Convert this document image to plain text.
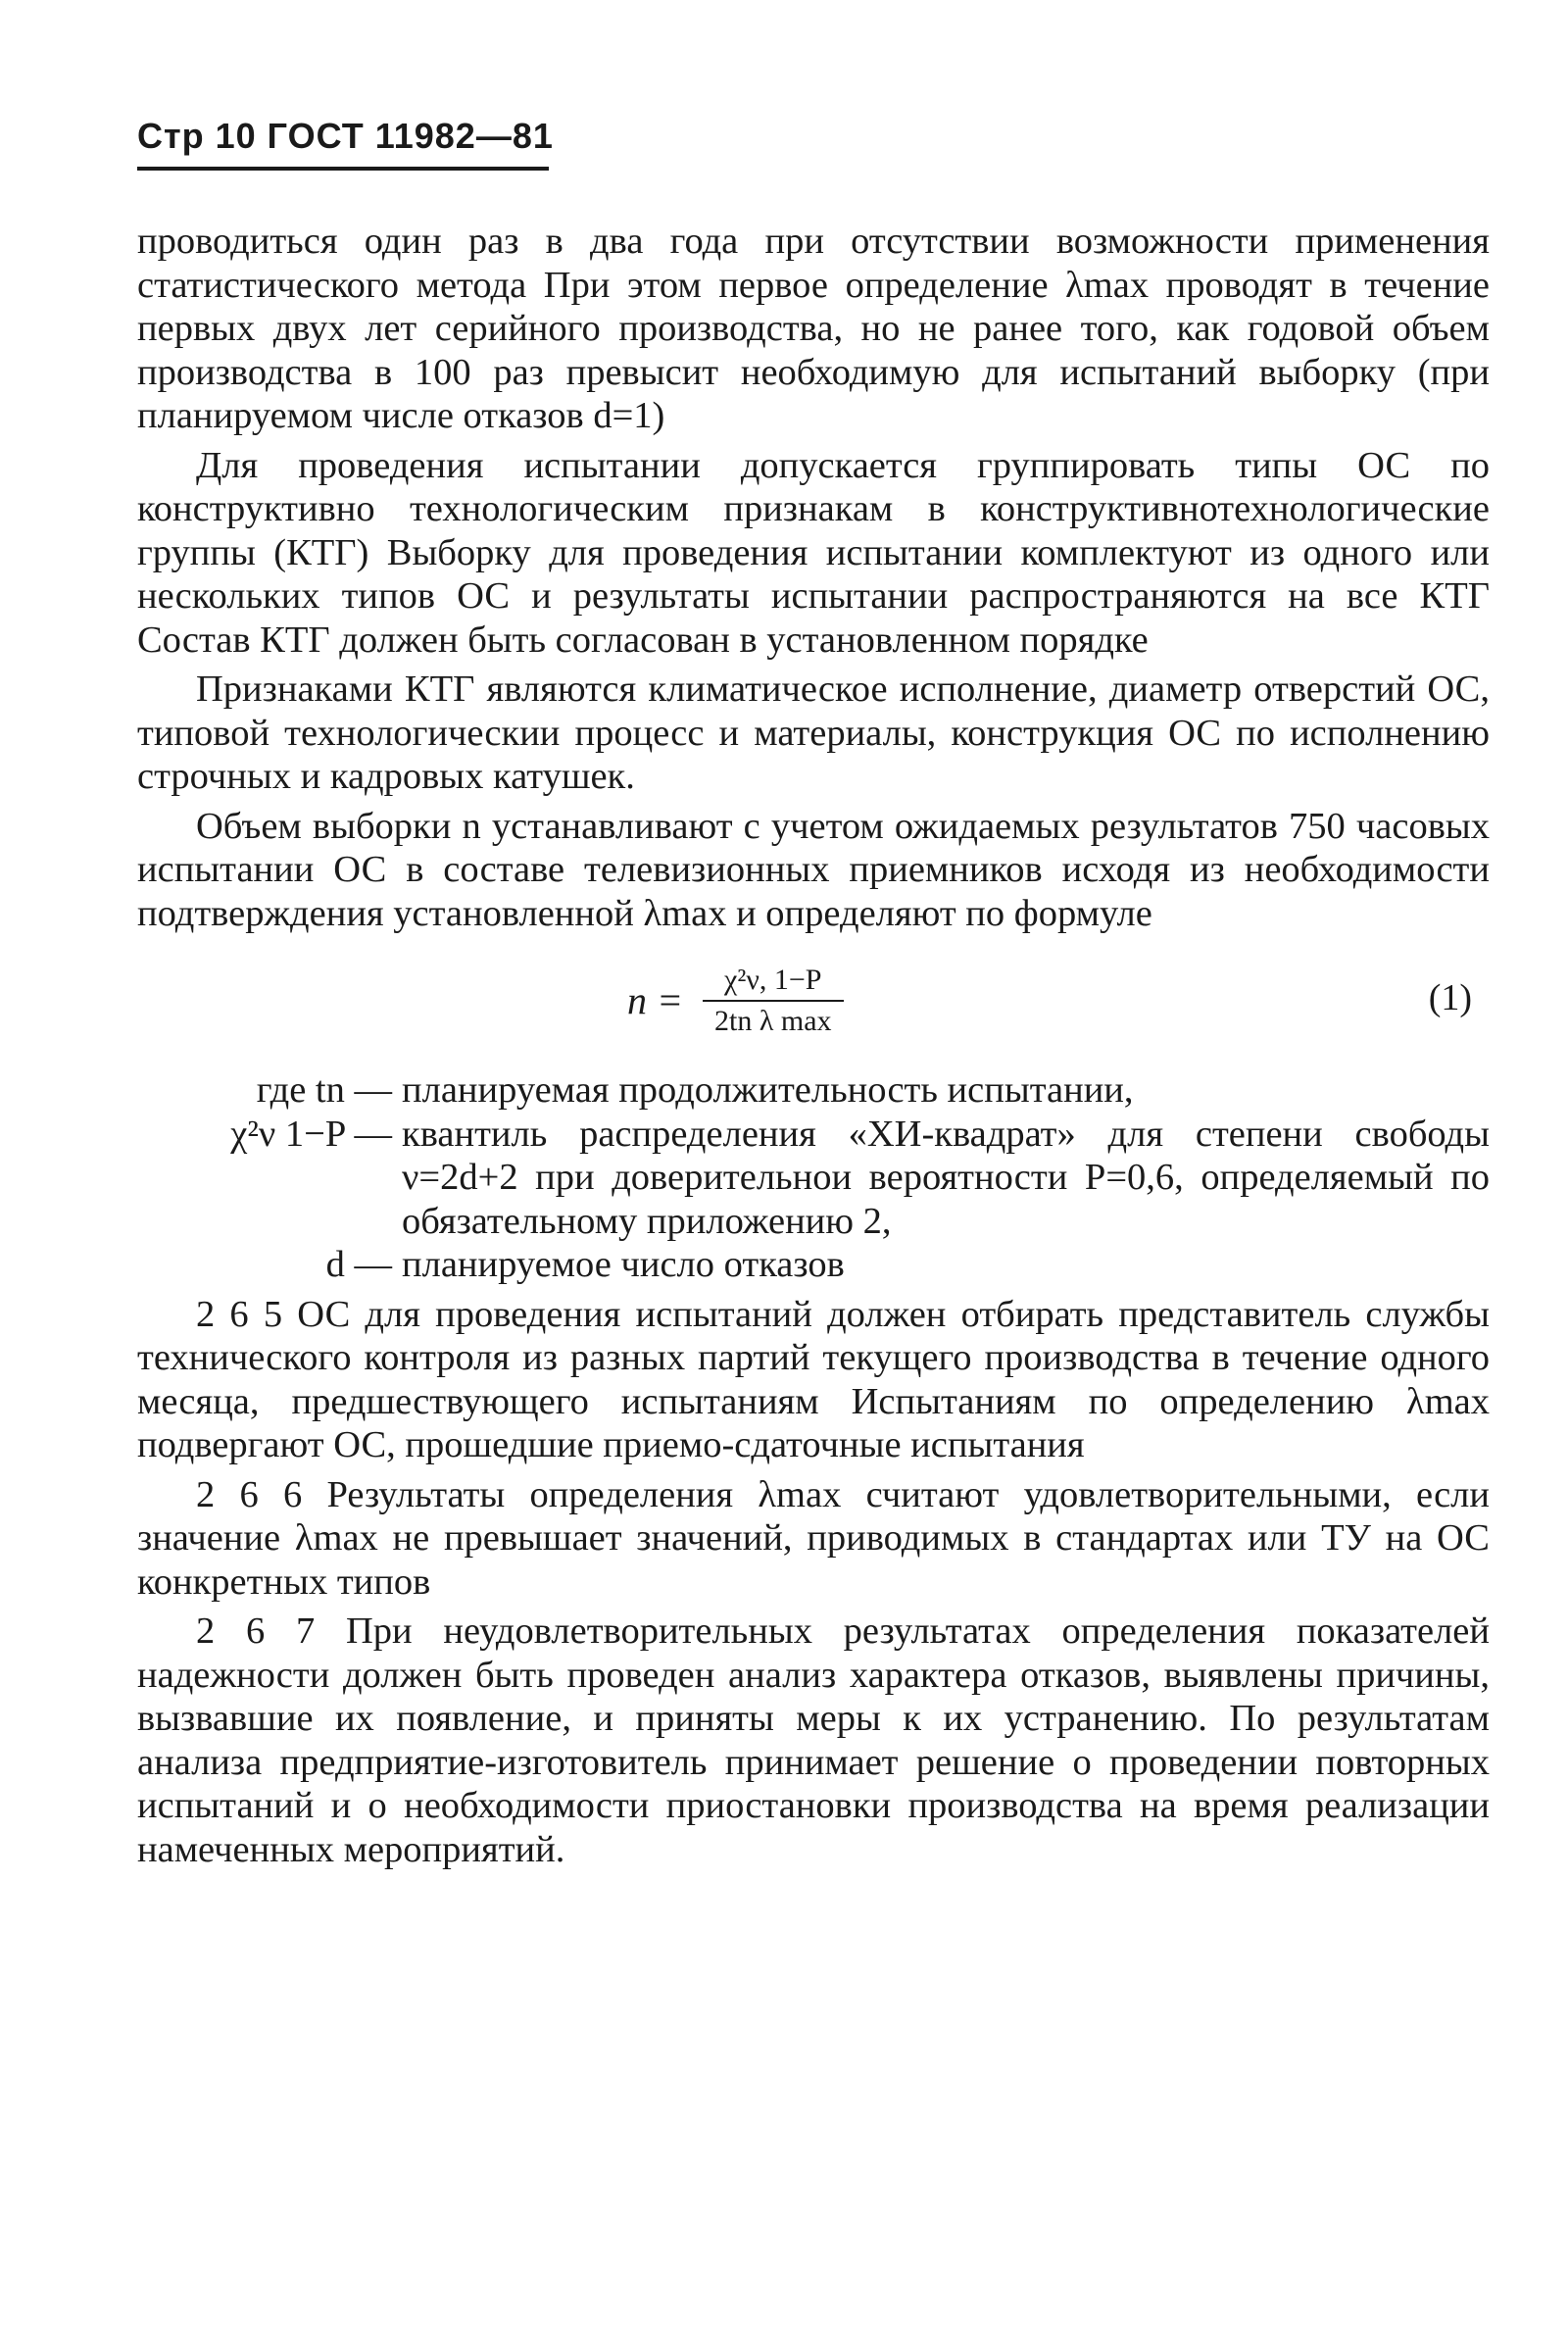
Стр 10 ГОСТ 11982—81

проводиться один раз в два года при отсутствии возможности применения статистического метода При этом первое определение λmax проводят в течение первых двух лет серийного производства, но не ранее того, как годовой объем производства в 100 раз превысит необходимую для испытаний выборку (при планируемом числе отказов d=1)

Для проведения испытании допускается группировать типы ОС по конструктивно технологическим признакам в конструктивнотехнологические группы (КТГ) Выборку для проведения испытании комплектуют из одного или нескольких типов ОС и результаты испытании распространяются на все КТГ Состав КТГ должен быть согласован в установленном порядке

Признаками КТГ являются климатическое исполнение, диаметр отверстий ОС, типовой технологическии процесс и материалы, конструкция ОС по исполнению строчных и кадровых катушек.

Объем выборки n устанавливают с учетом ожидаемых результатов 750 часовых испытании ОС в составе телевизионных приемников исходя из необходимости подтверждения установленной λmax и определяют по формуле

$n = \frac{\text{χ²ν, 1−P}}{\text{2tn λ max}}$	(1)
где tn — планируемая продолжительность испытании,
χ²ν 1−P — квантиль распределения «ХИ-квадрат» для степени свободы ν=2d+2 при доверительнои вероятности P=0,6, определяемый по обязательному приложению 2,
d — планируемое число отказов

2 6 5 ОС для проведения испытаний должен отбирать представитель службы технического контроля из разных партий текущего производства в течение одного месяца, предшествующего испытаниям Испытаниям по определению λmax подвергают ОС, прошедшие приемо-сдаточные испытания

2 6 6 Результаты определения λmax считают удовлетворительными, если значение λmax не превышает значений, приводимых в стандартах или ТУ на ОС конкретных типов

2 6 7 При неудовлетворительных результатах определения показателей надежности должен быть проведен анализ характера отказов, выявлены причины, вызвавшие их появление, и приняты меры к их устранению. По результатам анализа предприятие-изготовитель принимает решение о проведении повторных испытаний и о необходимости приостановки производства на время реализации намеченных мероприятий.
